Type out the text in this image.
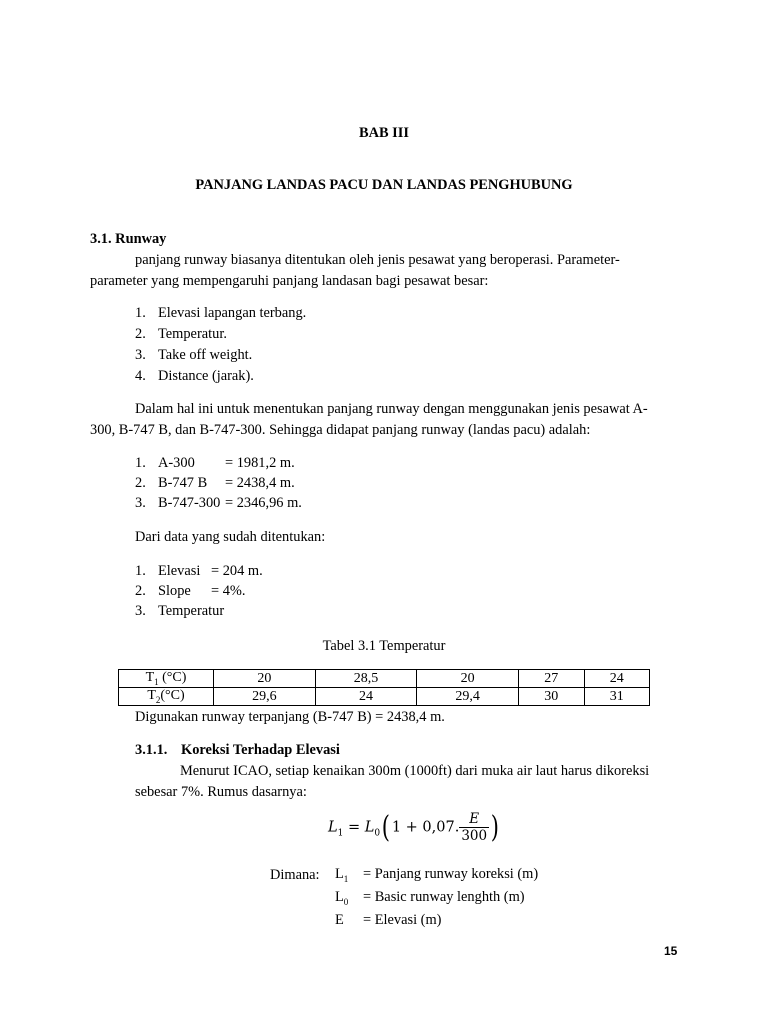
BAB III
PANJANG LANDAS PACU DAN LANDAS PENGHUBUNG
3.1. Runway
panjang runway biasanya ditentukan oleh jenis pesawat yang beroperasi. Parameter-
parameter yang mempengaruhi panjang landasan bagi pesawat besar:
1. Elevasi lapangan terbang.
2. Temperatur.
3. Take off weight.
4. Distance (jarak).
Dalam hal ini untuk menentukan panjang runway dengan menggunakan jenis pesawat A-
300, B-747 B, dan B-747-300. Sehingga didapat panjang runway (landas pacu) adalah:
1. A-300 = 1981,2 m.
2. B-747 B = 2438,4 m.
3. B-747-300 = 2346,96 m.
Dari data yang sudah ditentukan:
1. Elevasi = 204 m.
2. Slope = 4%.
3. Temperatur
Tabel 3.1 Temperatur
$T_1$ (°C)	20	28,5	20	27	24
$T_2(^\circ C)$	29,6	24	29,4	30	31
Digunakan runway terpanjang (B-747 B) = 2438,4 m.
3.1.1. Koreksi Terhadap Elevasi
Menurut ICAO, setiap kenaikan 300m (1000ft) dari muka air laut harus dikoreksi
sebesar 7%. Rumus dasarnya:
$L_1 = L_0$( 1 + 0,07. $\frac{E}{300}$ )
Dimana: $L_1$ = Panjang runway koreksi (m)
$L_0$ = Basic runway lenghth (m)
E = Elevasi (m)
15
